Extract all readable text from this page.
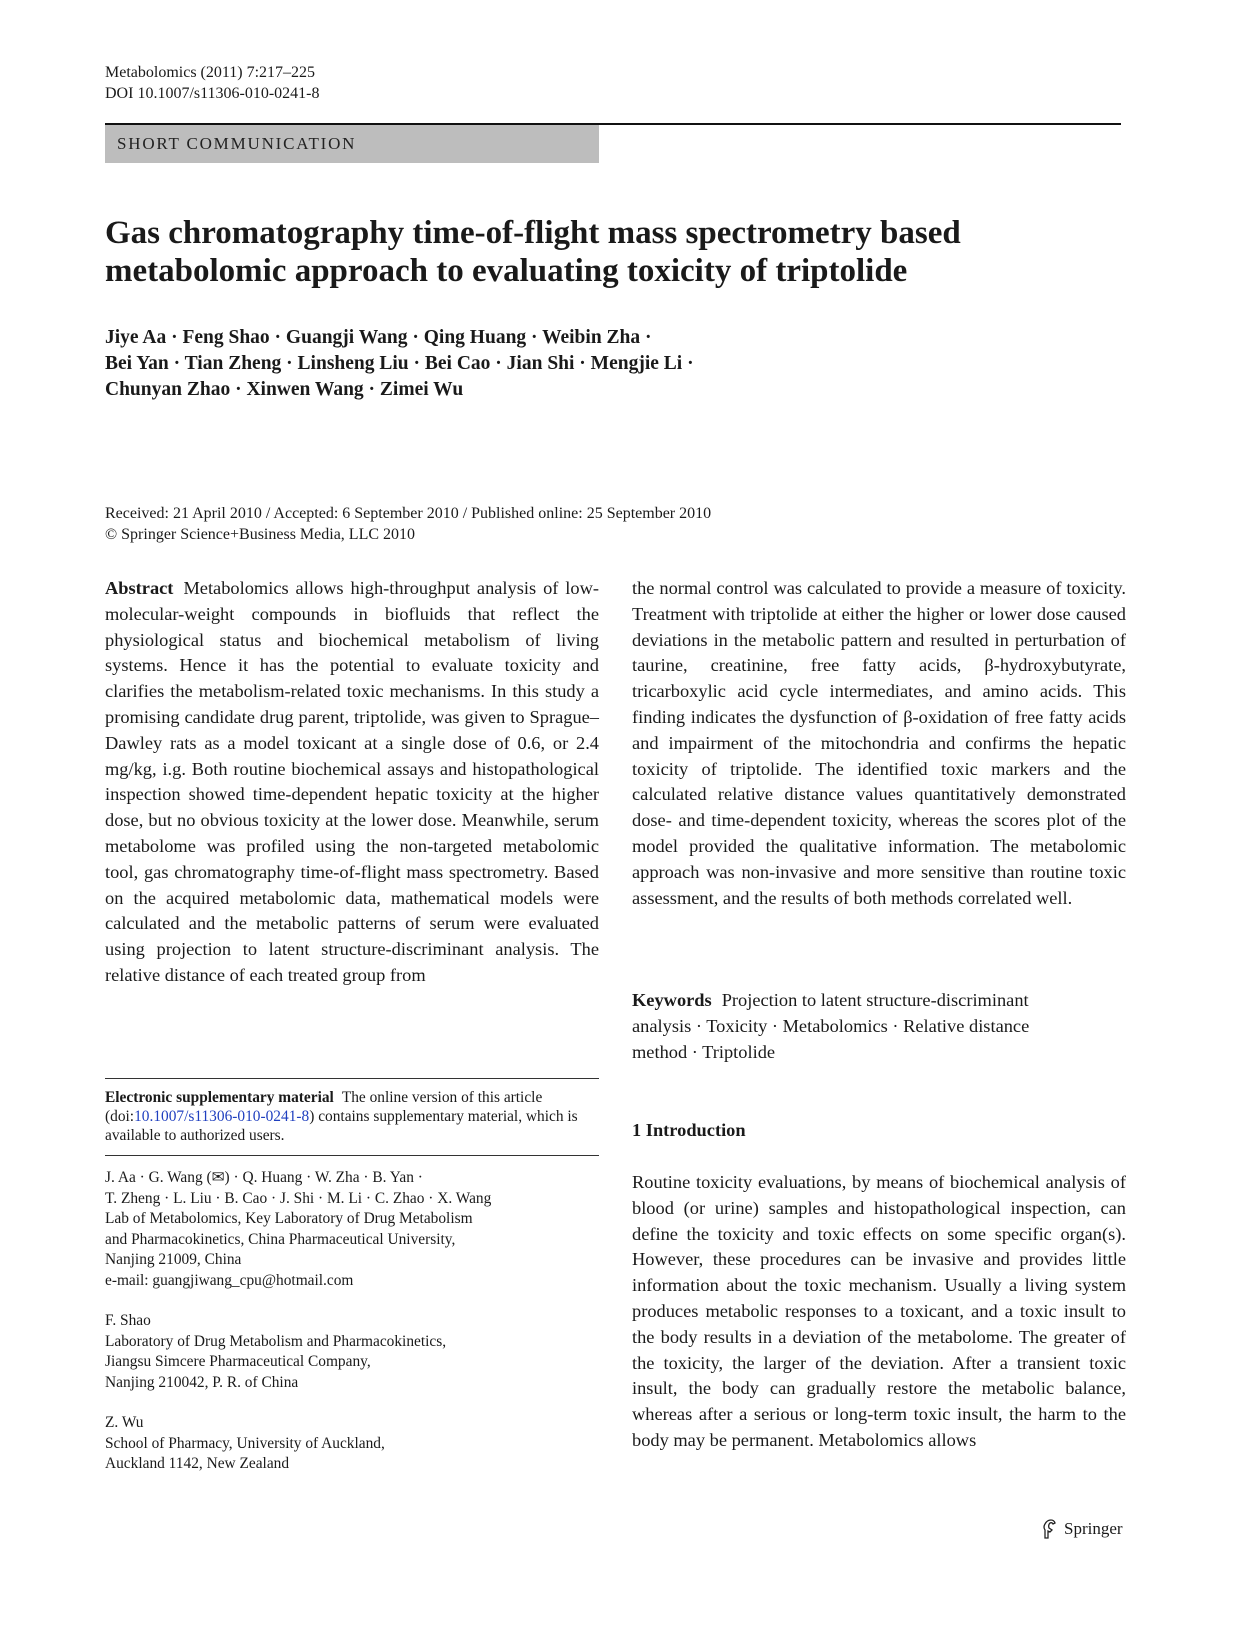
Metabolomics (2011) 7:217–225
DOI 10.1007/s11306-010-0241-8
SHORT COMMUNICATION
Gas chromatography time-of-flight mass spectrometry based
metabolomic approach to evaluating toxicity of triptolide
Jiye Aa · Feng Shao · Guangji Wang · Qing Huang · Weibin Zha ·
Bei Yan · Tian Zheng · Linsheng Liu · Bei Cao · Jian Shi · Mengjie Li ·
Chunyan Zhao · Xinwen Wang · Zimei Wu
Received: 21 April 2010 / Accepted: 6 September 2010 / Published online: 25 September 2010
© Springer Science+Business Media, LLC 2010

Abstract Metabolomics allows high-throughput analysis of low-molecular-weight compounds in biofluids that reflect the physiological status and biochemical metabolism of living systems. Hence it has the potential to evaluate toxicity and clarifies the metabolism-related toxic mechanisms. In this study a promising candidate drug parent, triptolide, was given to Sprague–Dawley rats as a model toxicant at a single dose of 0.6, or 2.4 mg/kg, i.g. Both routine biochemical assays and histopathological inspection showed time-dependent hepatic toxicity at the higher dose, but no obvious toxicity at the lower dose. Meanwhile, serum metabolome was profiled using the non-targeted metabolomic tool, gas chromatography time-of-flight mass spectrometry. Based on the acquired metabolomic data, mathematical models were calculated and the metabolic patterns of serum were evaluated using projection to latent structure-discriminant analysis. The relative distance of each treated group from

the normal control was calculated to provide a measure of toxicity. Treatment with triptolide at either the higher or lower dose caused deviations in the metabolic pattern and resulted in perturbation of taurine, creatinine, free fatty acids, β-hydroxybutyrate, tricarboxylic acid cycle intermediates, and amino acids. This finding indicates the dysfunction of β-oxidation of free fatty acids and impairment of the mitochondria and confirms the hepatic toxicity of triptolide. The identified toxic markers and the calculated relative distance values quantitatively demonstrated dose- and time-dependent toxicity, whereas the scores plot of the model provided the qualitative information. The metabolomic approach was non-invasive and more sensitive than routine toxic assessment, and the results of both methods correlated well.

Keywords Projection to latent structure-discriminant
analysis · Toxicity · Metabolomics · Relative distance
method · Triptolide
Electronic supplementary material The online version of this article (doi:10.1007/s11306-010-0241-8) contains supplementary material, which is available to authorized users.
J. Aa · G. Wang (✉) · Q. Huang · W. Zha · B. Yan ·
T. Zheng · L. Liu · B. Cao · J. Shi · M. Li · C. Zhao · X. Wang
Lab of Metabolomics, Key Laboratory of Drug Metabolism
and Pharmacokinetics, China Pharmaceutical University,
Nanjing 21009, China
e-mail: guangjiwang_cpu@hotmail.com
F. Shao
Laboratory of Drug Metabolism and Pharmacokinetics,
Jiangsu Simcere Pharmaceutical Company,
Nanjing 210042, P. R. of China
Z. Wu
School of Pharmacy, University of Auckland,
Auckland 1142, New Zealand
1 Introduction

Routine toxicity evaluations, by means of biochemical analysis of blood (or urine) samples and histopathological inspection, can define the toxicity and toxic effects on some specific organ(s). However, these procedures can be invasive and provides little information about the toxic mechanism. Usually a living system produces metabolic responses to a toxicant, and a toxic insult to the body results in a deviation of the metabolome. The greater of the toxicity, the larger of the deviation. After a transient toxic insult, the body can gradually restore the metabolic balance, whereas after a serious or long-term toxic insult, the harm to the body may be permanent. Metabolomics allows

Springer
